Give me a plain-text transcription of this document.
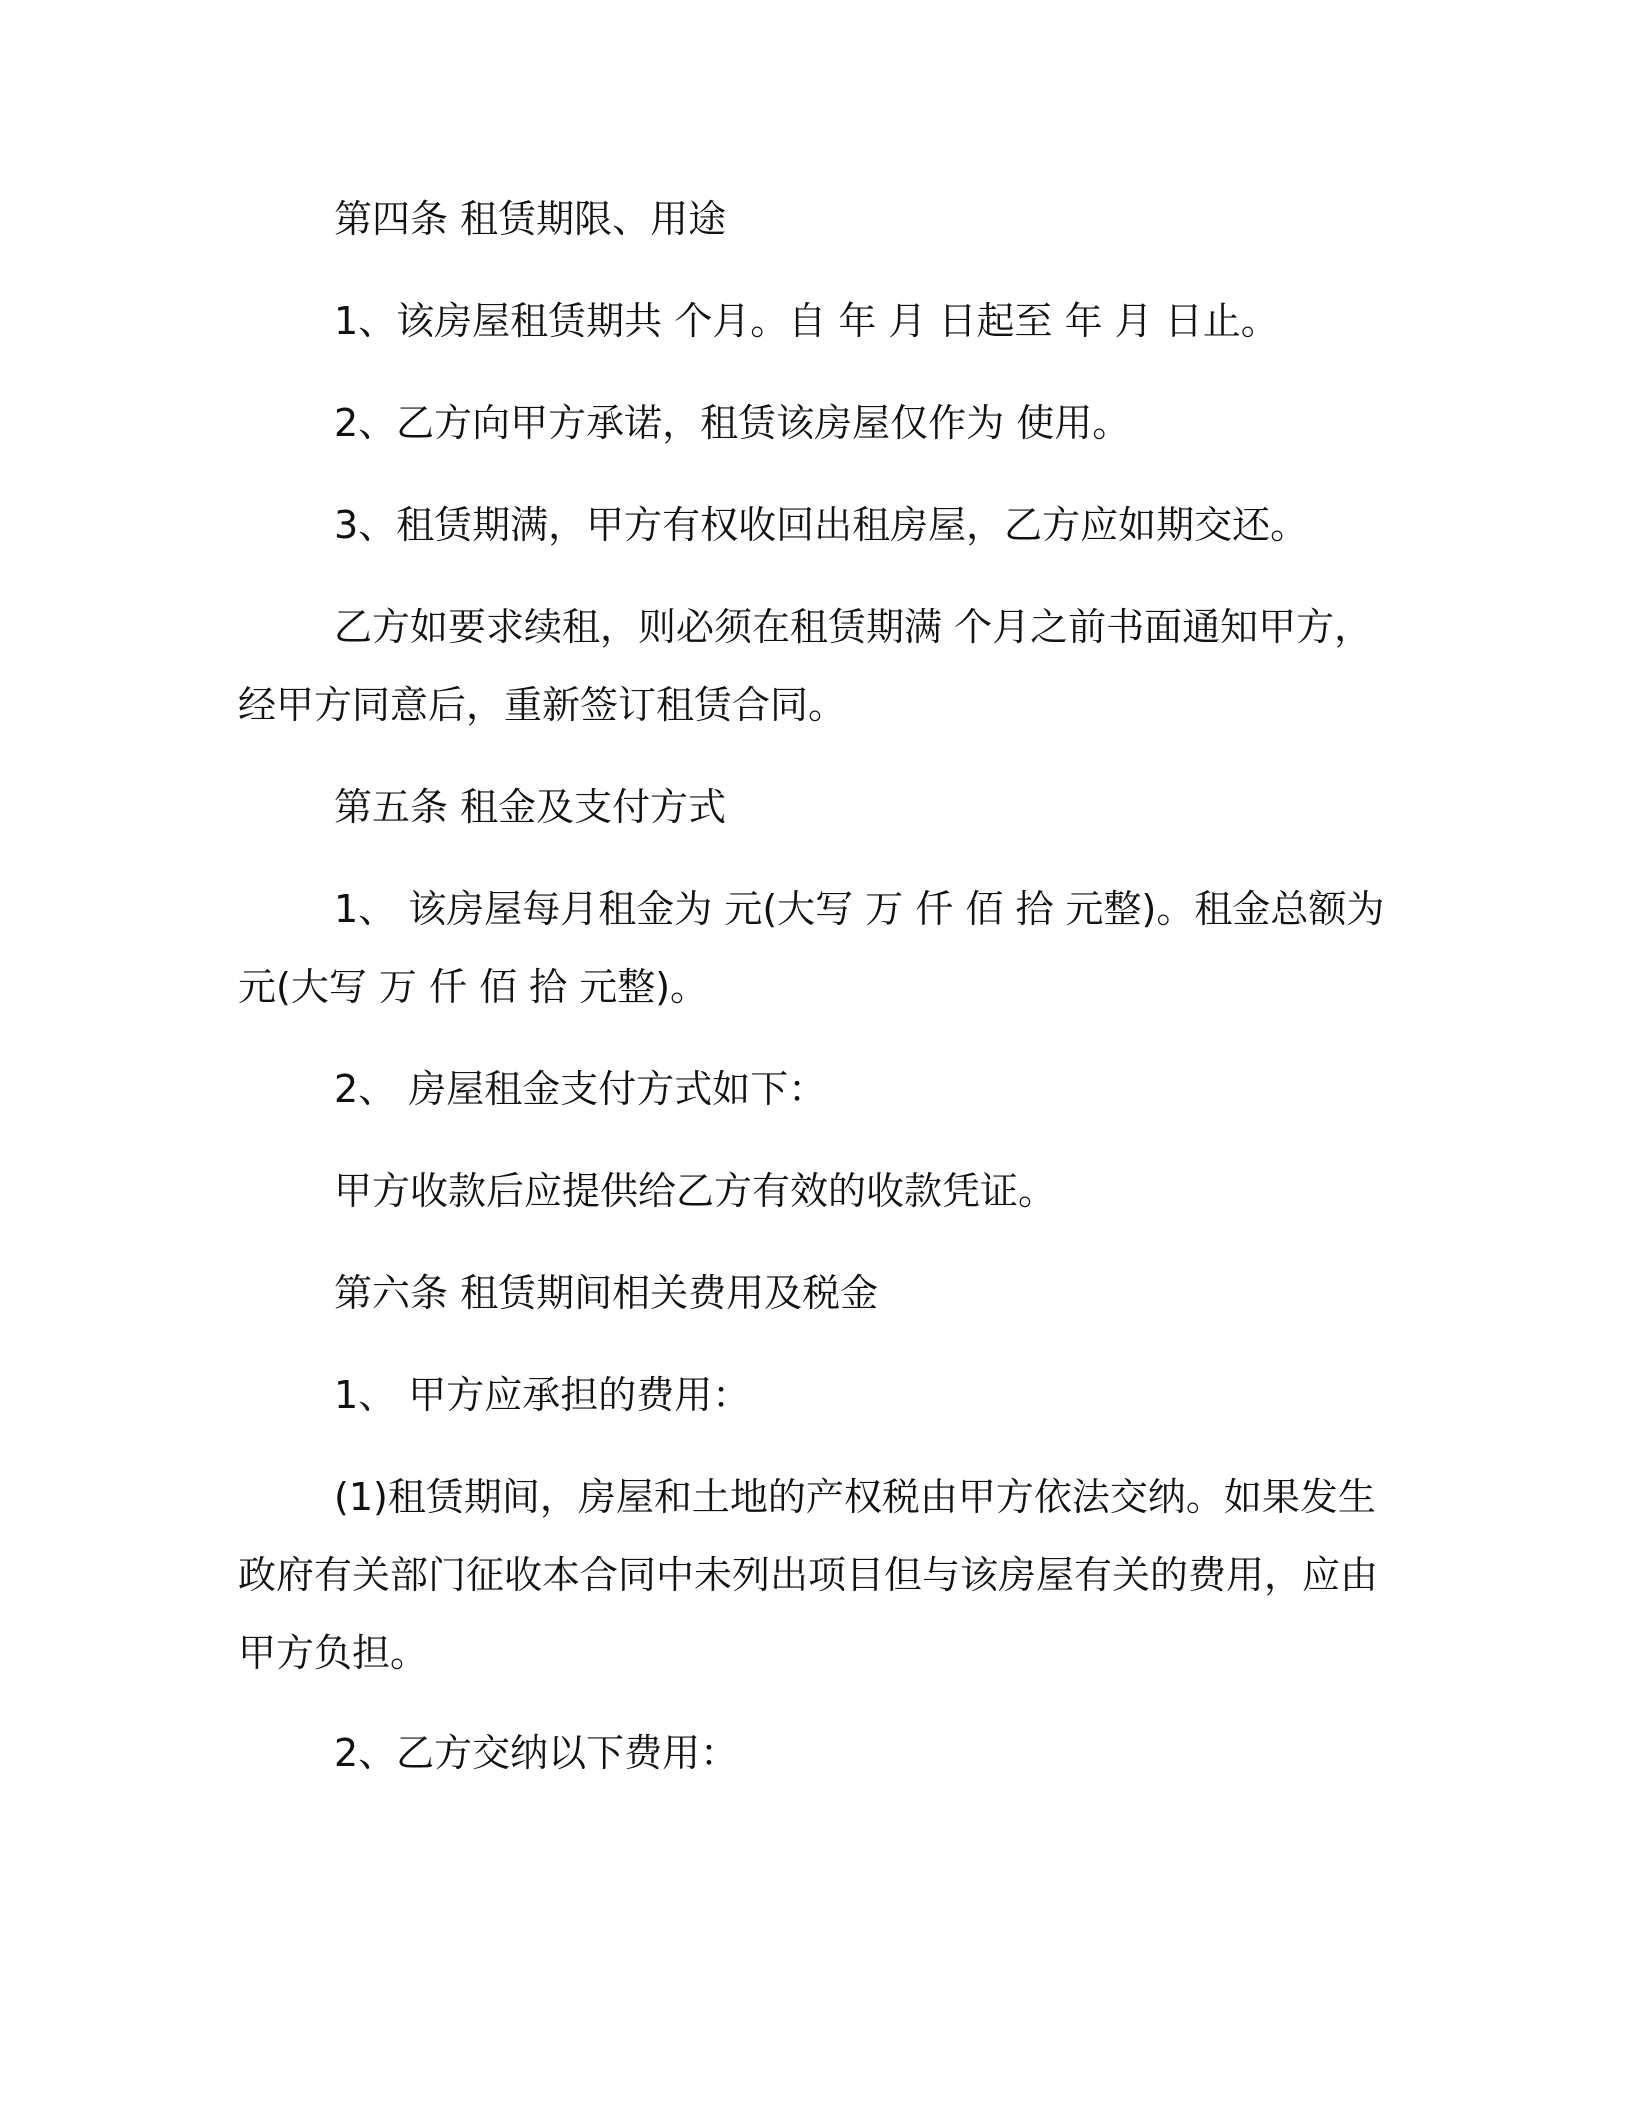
第四条 租赁期限、用途

1、该房屋租赁期共 个月。自 年 月 日起至 年 月 日止。

2、乙方向甲方承诺，租赁该房屋仅作为 使用。

3、租赁期满，甲方有权收回出租房屋，乙方应如期交还。

乙方如要求续租，则必须在租赁期满 个月之前书面通知甲方，经甲方同意后，重新签订租赁合同。

第五条 租金及支付方式

1、 该房屋每月租金为 元(大写 万 仟 佰 拾 元整)。租金总额为 元(大写 万 仟 佰 拾 元整)。

2、 房屋租金支付方式如下：

甲方收款后应提供给乙方有效的收款凭证。

第六条 租赁期间相关费用及税金

1、 甲方应承担的费用：

(1)租赁期间，房屋和土地的产权税由甲方依法交纳。如果发生政府有关部门征收本合同中未列出项目但与该房屋有关的费用，应由甲方负担。

2、乙方交纳以下费用：
